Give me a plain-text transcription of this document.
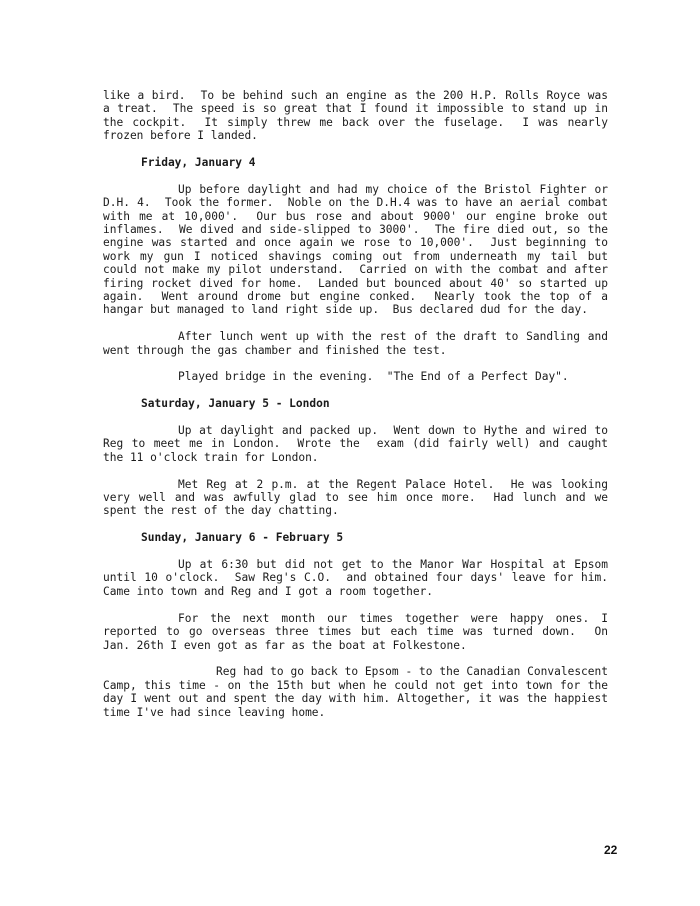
like a bird.  To be behind such an engine as the 200 H.P. Rolls Royce was a treat.  The speed is so great that I found it impossible to stand up in the cockpit.  It simply threw me back over the fuselage.  I was nearly frozen before I landed.

Friday, January 4

Up before daylight and had my choice of the Bristol Fighter or D.H. 4.  Took the former.  Noble on the D.H.4 was to have an aerial combat with me at 10,000'.  Our bus rose and about 9000' our engine broke out inflames.  We dived and side-slipped to 3000'.  The fire died out, so the engine was started and once again we rose to 10,000'.  Just beginning to work my gun I noticed shavings coming out from underneath my tail but could not make my pilot understand.  Carried on with the combat and after firing rocket dived for home.  Landed but bounced about 40' so started up again.  Went around drome but engine conked.  Nearly took the top of a hangar but managed to land right side up.  Bus declared dud for the day.

After lunch went up with the rest of the draft to Sandling and went through the gas chamber and finished the test.

Played bridge in the evening.  "The End of a Perfect Day".

Saturday, January 5 - London

Up at daylight and packed up.  Went down to Hythe and wired to Reg to meet me in London.  Wrote the  exam (did fairly well) and caught the 11 o'clock train for London.

Met Reg at 2 p.m. at the Regent Palace Hotel.  He was looking very well and was awfully glad to see him once more.  Had lunch and we spent the rest of the day chatting.

Sunday, January 6 - February 5

Up at 6:30 but did not get to the Manor War Hospital at Epsom until 10 o'clock.  Saw Reg's C.O.  and obtained four days' leave for him.  Came into town and Reg and I got a room together.

For the next month our times together were happy ones. I reported to go overseas three times but each time was turned down.  On Jan. 26th I even got as far as the boat at Folkestone.

Reg had to go back to Epsom - to the Canadian Convalescent Camp, this time - on the 15th but when he could not get into town for the day I went out and spent the day with him. Altogether, it was the happiest time I've had since leaving home.

22
